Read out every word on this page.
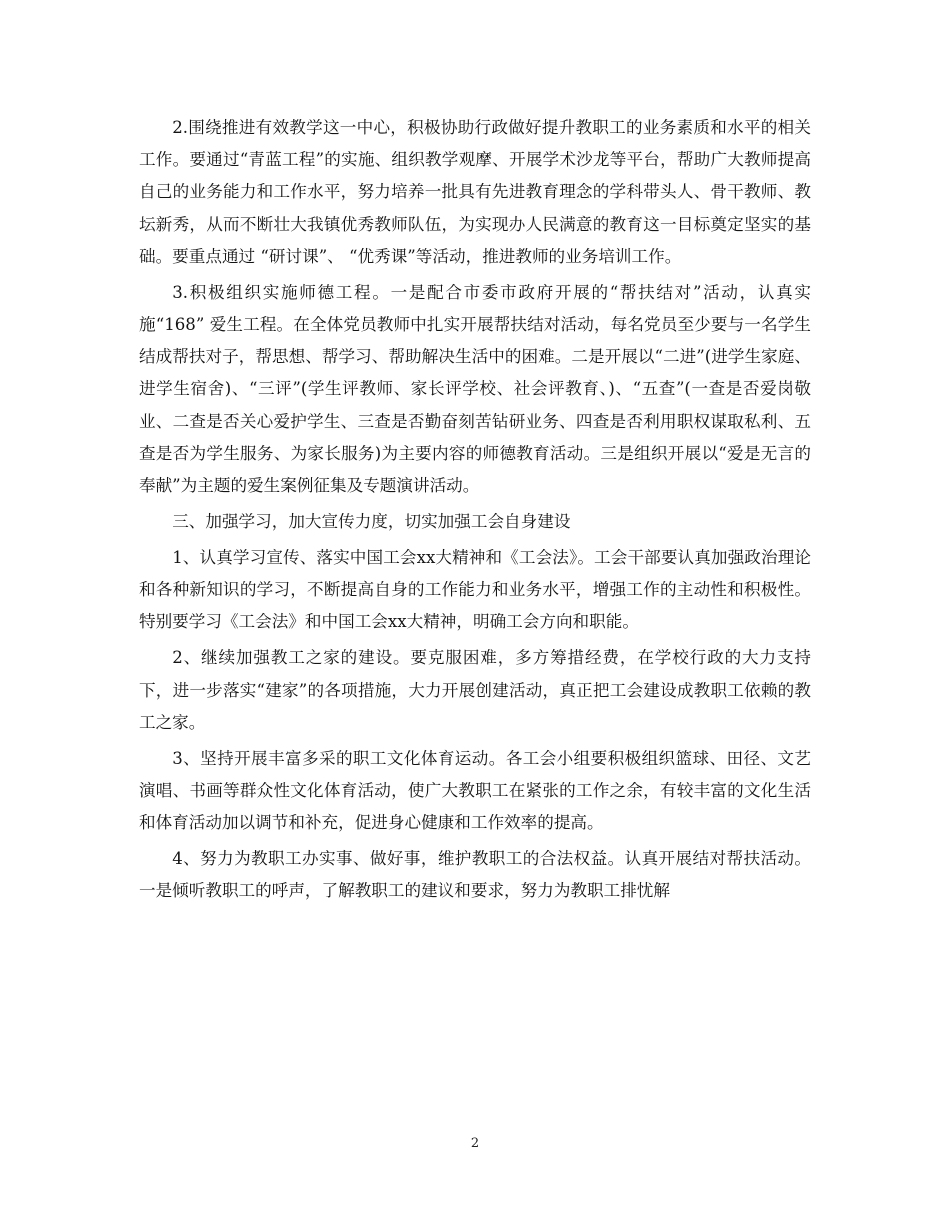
2.围绕推进有效教学这一中心，积极协助行政做好提升教职工的业务素质和水平的相关工作。要通过“青蓝工程”的实施、组织教学观摩、开展学术沙龙等平台，帮助广大教师提高自己的业务能力和工作水平，努力培养一批具有先进教育理念的学科带头人、骨干教师、教坛新秀，从而不断壮大我镇优秀教师队伍，为实现办人民满意的教育这一目标奠定坚实的基础。要重点通过 “研讨课”、 “优秀课”等活动，推进教师的业务培训工作。

3.积极组织实施师德工程。一是配合市委市政府开展的“帮扶结对”活动，认真实施“168” 爱生工程。在全体党员教师中扎实开展帮扶结对活动，每名党员至少要与一名学生结成帮扶对子，帮思想、帮学习、帮助解决生活中的困难。二是开展以“二进”(进学生家庭、进学生宿舍)、“三评”(学生评教师、家长评学校、社会评教育、)、“五查”(一查是否爱岗敬业、二查是否关心爱护学生、三查是否勤奋刻苦钻研业务、四查是否利用职权谋取私利、五查是否为学生服务、为家长服务)为主要内容的师德教育活动。三是组织开展以“爱是无言的奉献”为主题的爱生案例征集及专题演讲活动。

三、加强学习，加大宣传力度，切实加强工会自身建设

1、认真学习宣传、落实中国工会xx大精神和《工会法》。工会干部要认真加强政治理论和各种新知识的学习，不断提高自身的工作能力和业务水平，增强工作的主动性和积极性。特别要学习《工会法》和中国工会xx大精神，明确工会方向和职能。

2、继续加强教工之家的建设。要克服困难，多方筹措经费，在学校行政的大力支持下，进一步落实“建家”的各项措施，大力开展创建活动，真正把工会建设成教职工依赖的教工之家。

3、坚持开展丰富多采的职工文化体育运动。各工会小组要积极组织篮球、田径、文艺演唱、书画等群众性文化体育活动，使广大教职工在紧张的工作之余，有较丰富的文化生活和体育活动加以调节和补充，促进身心健康和工作效率的提高。

4、努力为教职工办实事、做好事，维护教职工的合法权益。认真开展结对帮扶活动。一是倾听教职工的呼声，了解教职工的建议和要求，努力为教职工排忧解

2
